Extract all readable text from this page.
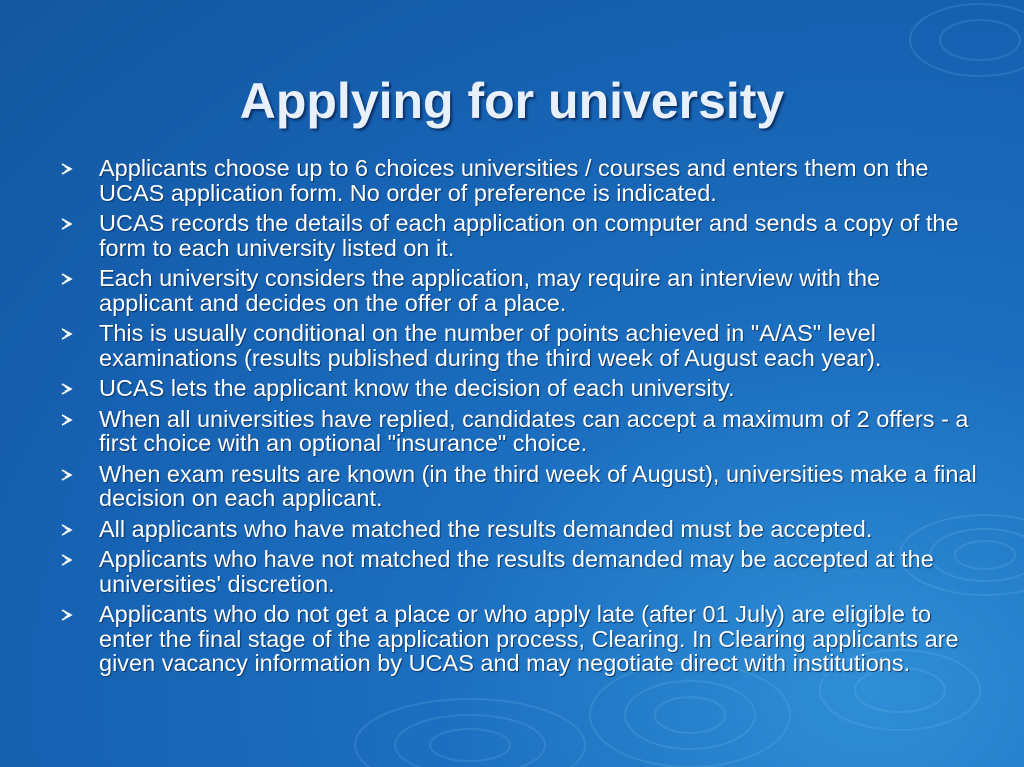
Applying for university
Applicants choose up to 6 choices universities / courses and enters them on the UCAS application form. No order of preference is indicated.
UCAS records the details of each application on computer and sends a copy of the form to each university listed on it.
Each university considers the application, may require an interview with the applicant and decides on the offer of a place.
This is usually conditional on the number of points achieved in "A/AS" level examinations (results published during the third week of August each year).
UCAS lets the applicant know the decision of each university.
When all universities have replied, candidates can accept a maximum of 2 offers - a first choice with an optional "insurance" choice.
When exam results are known (in the third week of August), universities make a final decision on each applicant.
All applicants who have matched the results demanded must be accepted.
Applicants who have not matched the results demanded may be accepted at the universities' discretion.
Applicants who do not get a place or who apply late (after 01 July) are eligible to enter the final stage of the application process, Clearing. In Clearing applicants are given vacancy information by UCAS and may negotiate direct with institutions.
